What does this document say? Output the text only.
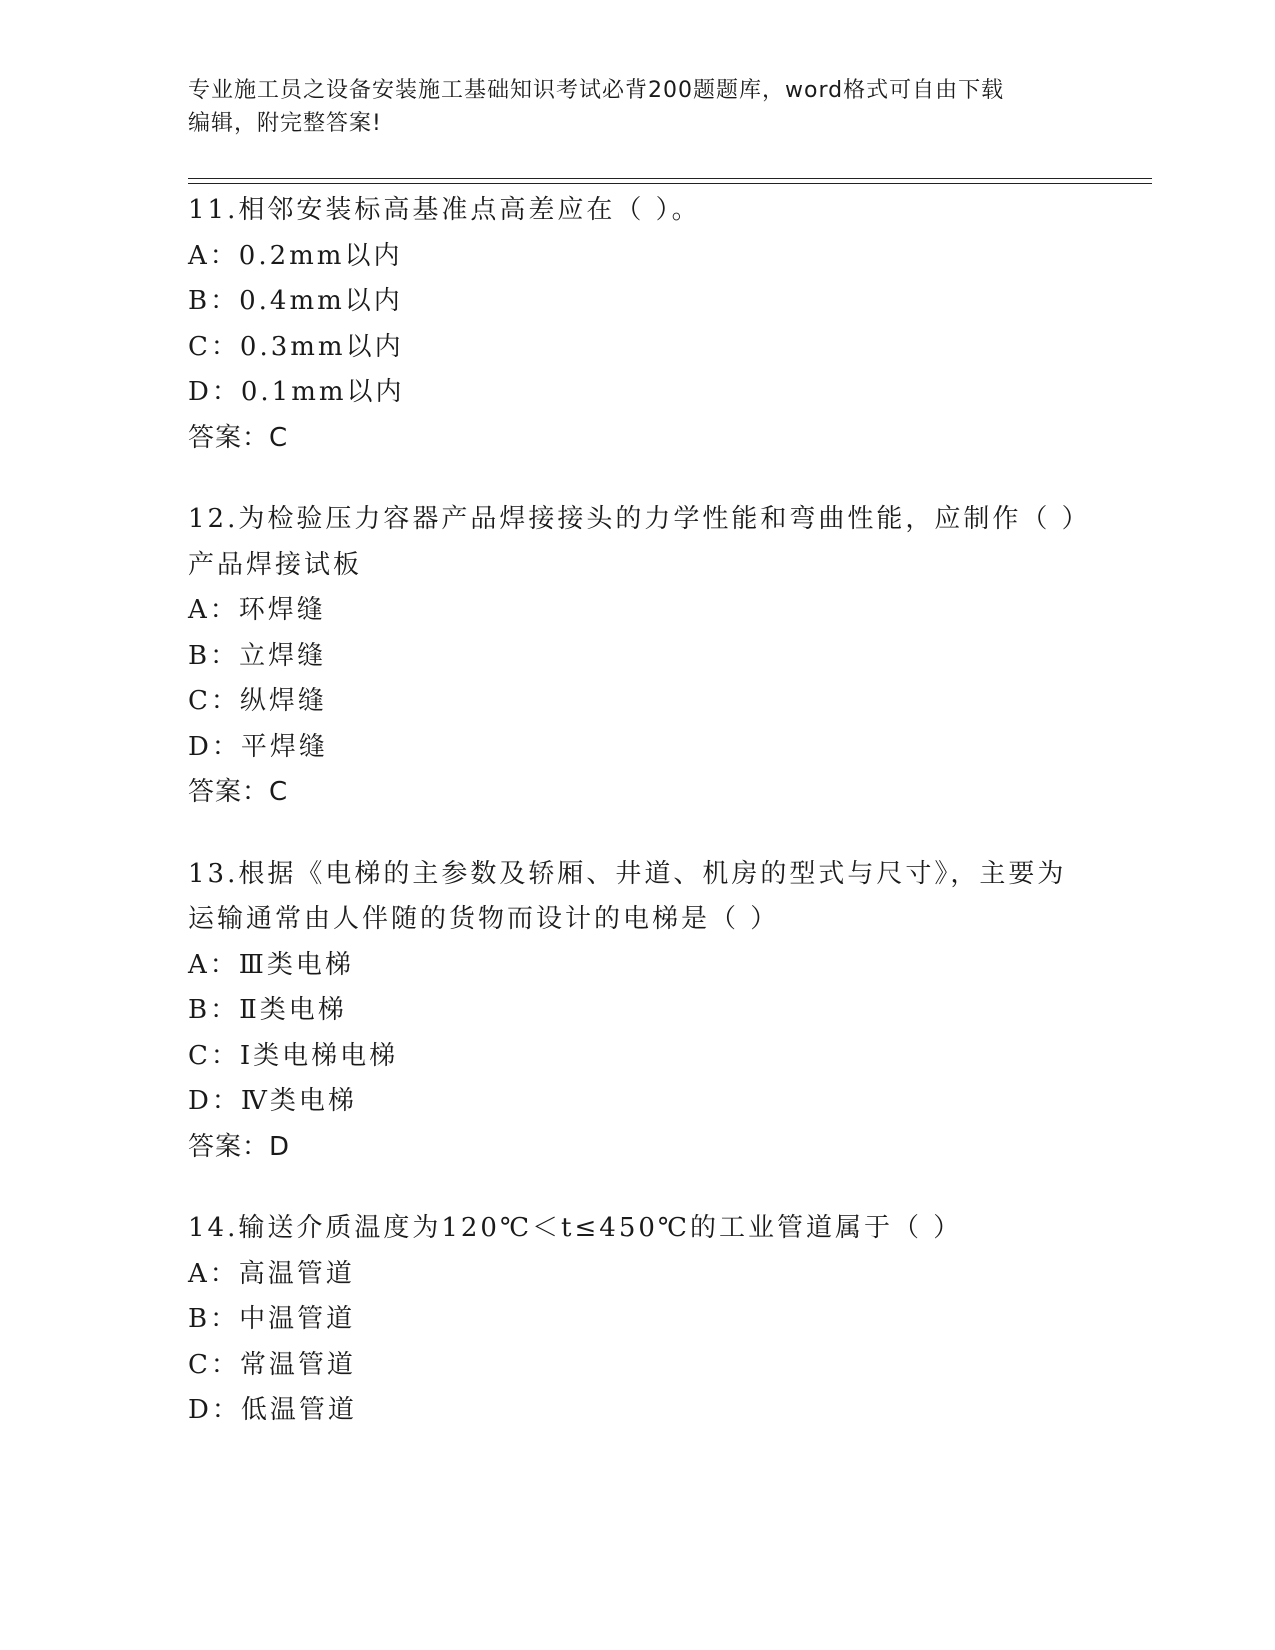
专业施工员之设备安装施工基础知识考试必背200题题库，word格式可自由下载
编辑，附完整答案!
11.相邻安装标高基准点高差应在（ ）。
A：0.2mm以内
B：0.4mm以内
C：0.3mm以内
D：0.1mm以内
答案：C
12.为检验压力容器产品焊接接头的力学性能和弯曲性能，应制作（ ）产品焊接试板
A：环焊缝
B：立焊缝
C：纵焊缝
D：平焊缝
答案：C
13.根据《电梯的主参数及轿厢、井道、机房的型式与尺寸》，主要为运输通常由人伴随的货物而设计的电梯是（ ）
A：Ⅲ类电梯
B：Ⅱ类电梯
C：Ⅰ类电梯电梯
D：Ⅳ类电梯
答案：D
14.输送介质温度为120℃＜t≤450℃的工业管道属于（ ）
A：高温管道
B：中温管道
C：常温管道
D：低温管道
